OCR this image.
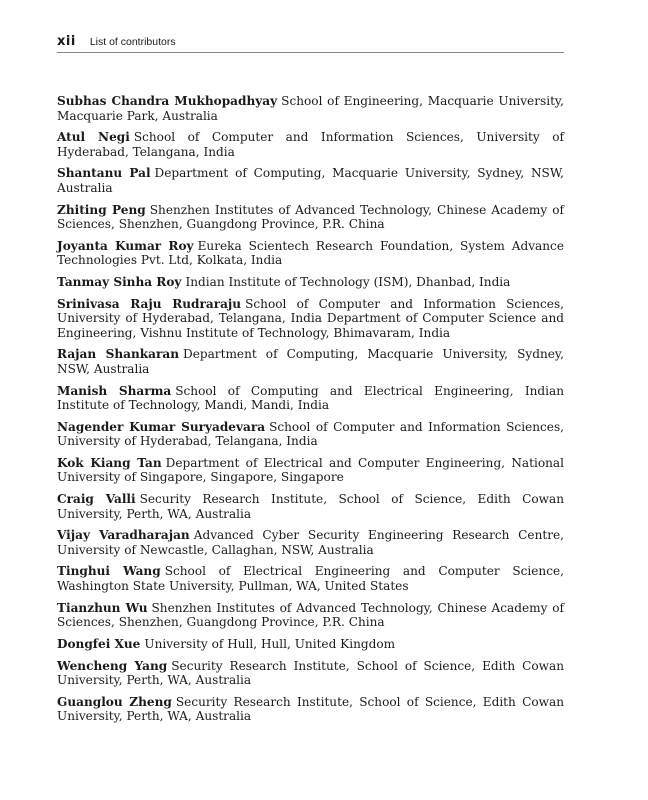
xii List of contributors
Subhas Chandra Mukhopadhyay School of Engineering, Macquarie University, Macquarie Park, Australia
Atul Negi School of Computer and Information Sciences, University of Hyderabad, Telangana, India
Shantanu Pal Department of Computing, Macquarie University, Sydney, NSW, Australia
Zhiting Peng Shenzhen Institutes of Advanced Technology, Chinese Academy of Sciences, Shenzhen, Guangdong Province, P.R. China
Joyanta Kumar Roy Eureka Scientech Research Foundation, System Advance Technologies Pvt. Ltd, Kolkata, India
Tanmay Sinha Roy Indian Institute of Technology (ISM), Dhanbad, India
Srinivasa Raju Rudraraju School of Computer and Information Sciences, University of Hyderabad, Telangana, India Department of Computer Science and Engineering, Vishnu Institute of Technology, Bhimavaram, India
Rajan Shankaran Department of Computing, Macquarie University, Sydney, NSW, Australia
Manish Sharma School of Computing and Electrical Engineering, Indian Institute of Technology, Mandi, Mandi, India
Nagender Kumar Suryadevara School of Computer and Information Sciences, University of Hyderabad, Telangana, India
Kok Kiang Tan Department of Electrical and Computer Engineering, National University of Singapore, Singapore, Singapore
Craig Valli Security Research Institute, School of Science, Edith Cowan University, Perth, WA, Australia
Vijay Varadharajan Advanced Cyber Security Engineering Research Centre, University of Newcastle, Callaghan, NSW, Australia
Tinghui Wang School of Electrical Engineering and Computer Science, Washington State University, Pullman, WA, United States
Tianzhun Wu Shenzhen Institutes of Advanced Technology, Chinese Academy of Sciences, Shenzhen, Guangdong Province, P.R. China
Dongfei Xue University of Hull, Hull, United Kingdom
Wencheng Yang Security Research Institute, School of Science, Edith Cowan University, Perth, WA, Australia
Guanglou Zheng Security Research Institute, School of Science, Edith Cowan University, Perth, WA, Australia
